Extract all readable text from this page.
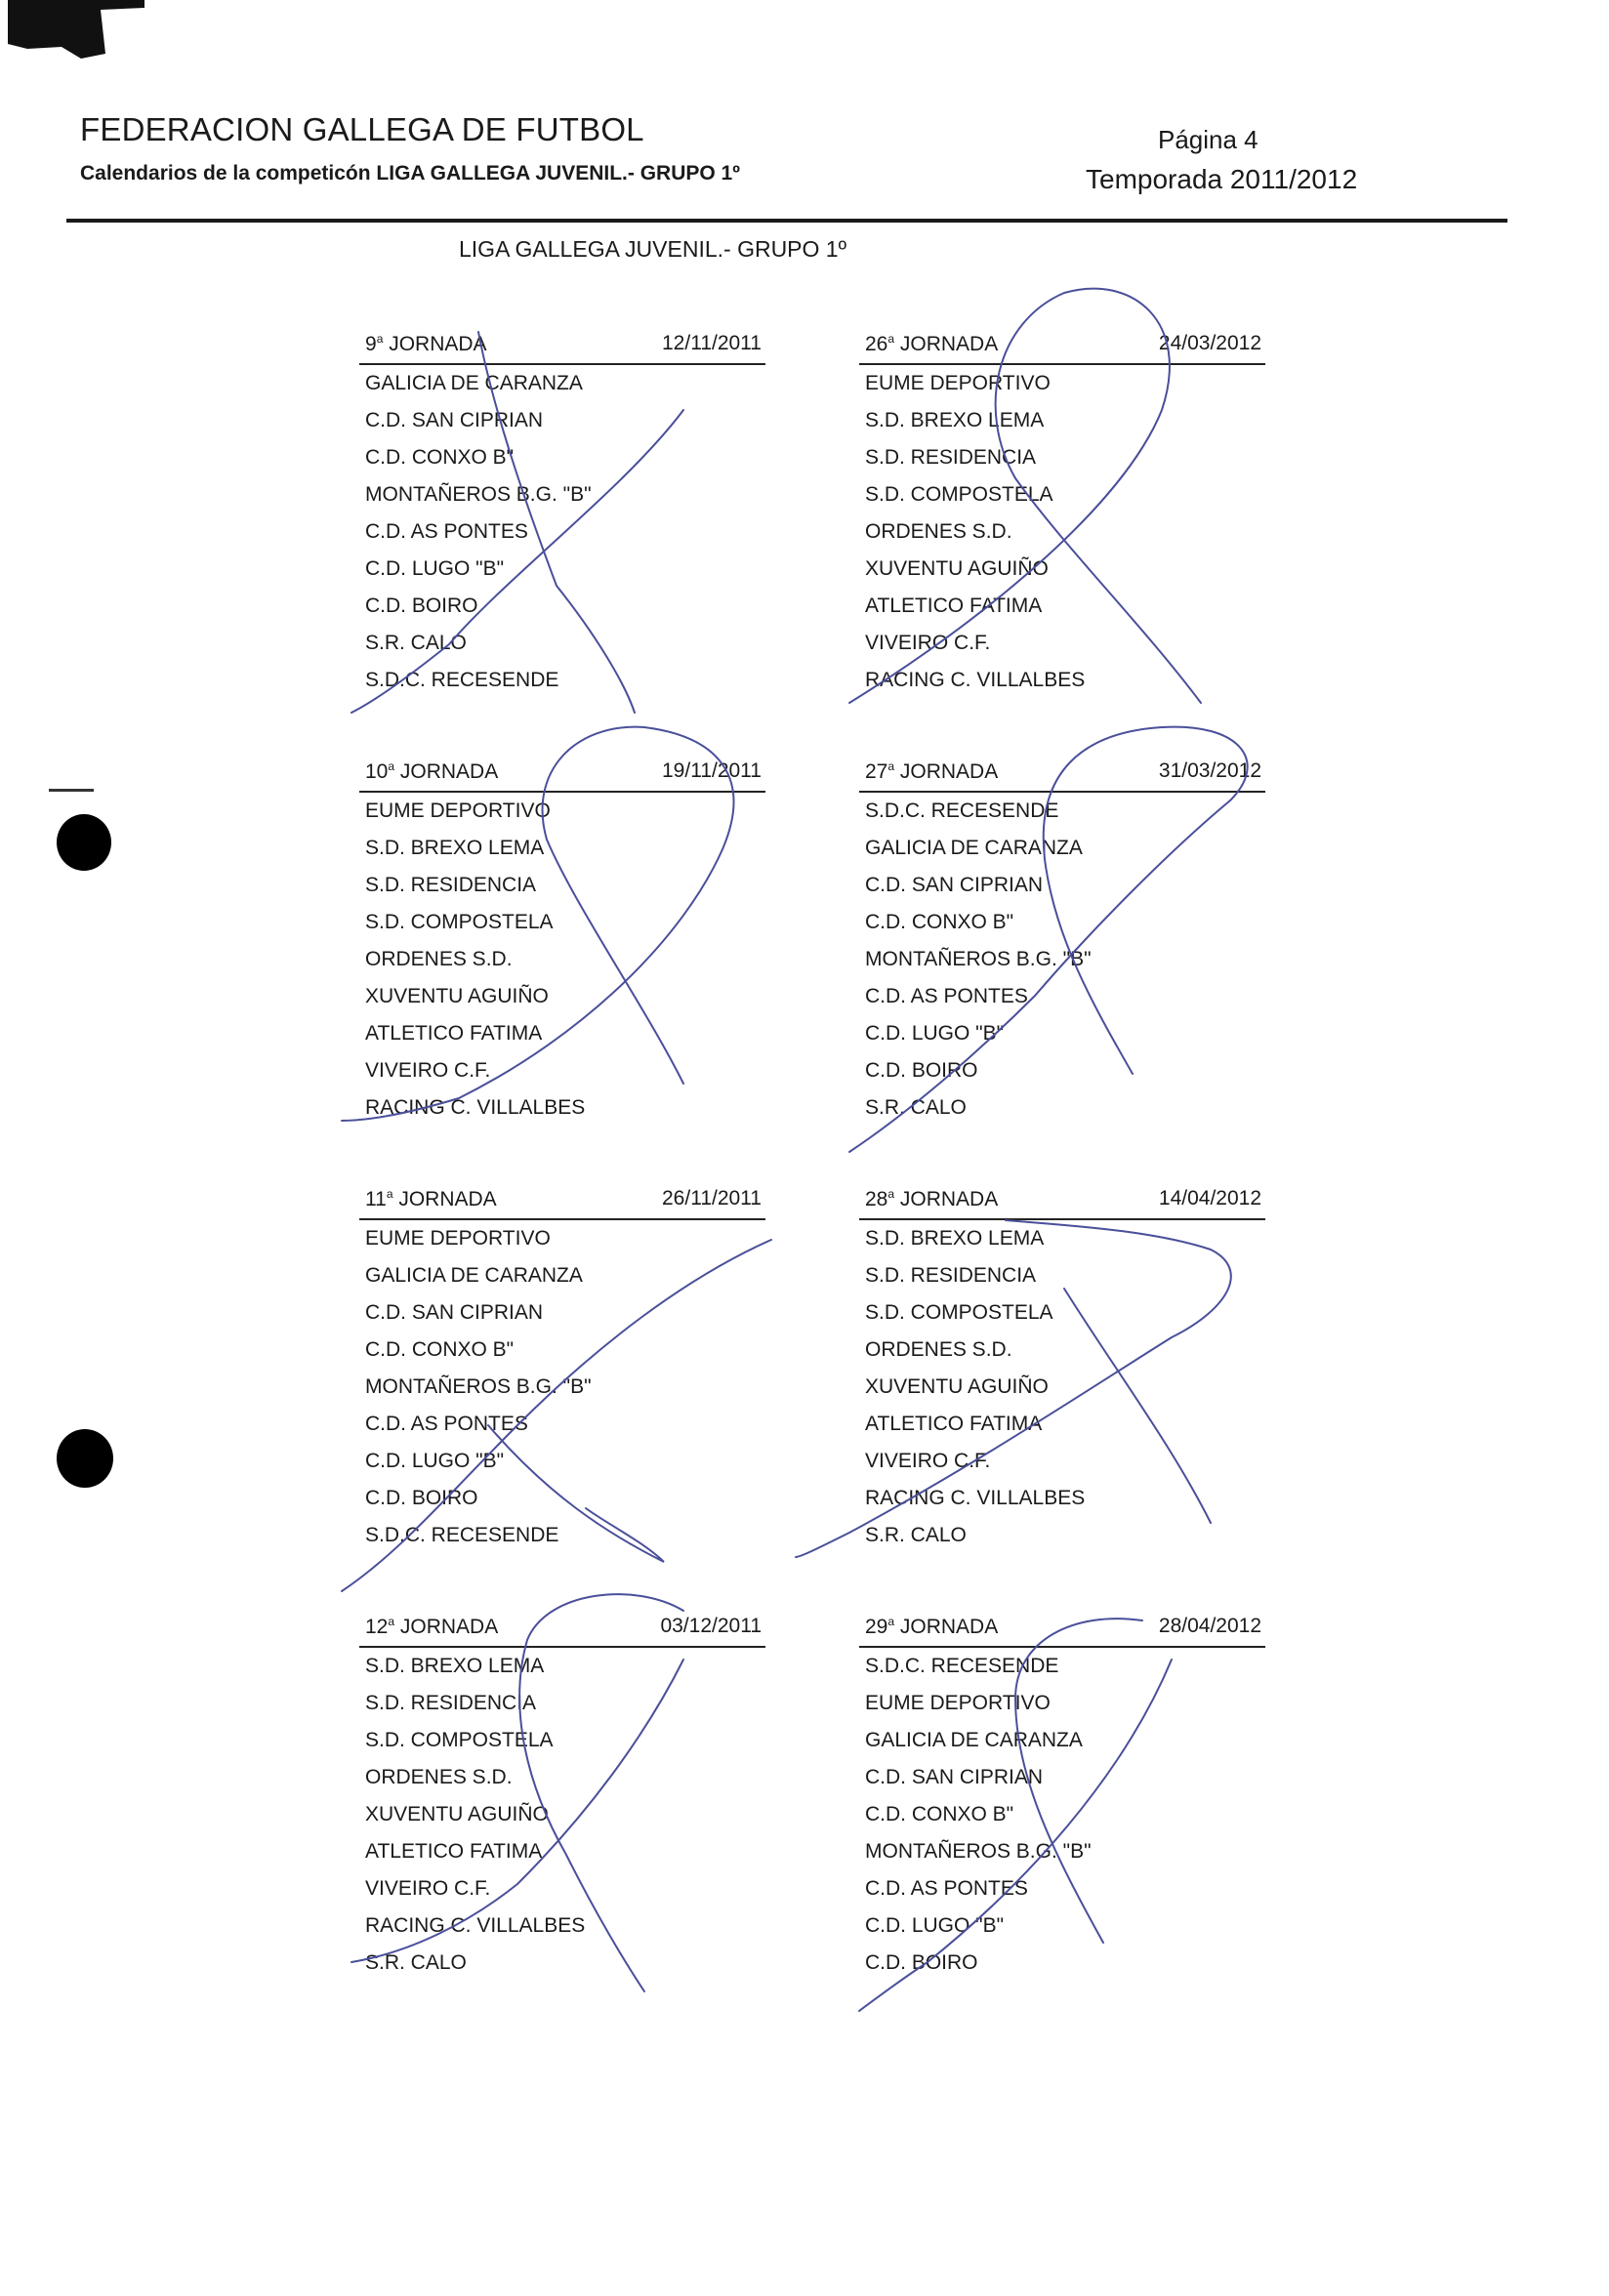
FEDERACION GALLEGA DE FUTBOL
Calendarios de la competicón LIGA GALLEGA JUVENIL.- GRUPO 1º
Página 4
Temporada 2011/2012
LIGA GALLEGA JUVENIL.- GRUPO 1º
9$^a$ JORNADA	12/11/2011
GALICIA DE CARANZA
C.D. SAN CIPRIAN
C.D. CONXO B"
MONTAÑEROS B.G. "B"
C.D. AS PONTES
C.D. LUGO "B"
C.D. BOIRO
S.R. CALO
S.D.C. RECESENDE
26$^a$ JORNADA	24/03/2012
EUME DEPORTIVO
S.D. BREXO LEMA
S.D. RESIDENCIA
S.D. COMPOSTELA
ORDENES S.D.
XUVENTU AGUIÑO
ATLETICO FATIMA
VIVEIRO C.F.
RACING C. VILLALBES
10$^a$ JORNADA	19/11/2011
EUME DEPORTIVO
S.D. BREXO LEMA
S.D. RESIDENCIA
S.D. COMPOSTELA
ORDENES S.D.
XUVENTU AGUIÑO
ATLETICO FATIMA
VIVEIRO C.F.
RACING C. VILLALBES
27$^a$ JORNADA	31/03/2012
S.D.C. RECESENDE
GALICIA DE CARANZA
C.D. SAN CIPRIAN
C.D. CONXO B"
MONTAÑEROS B.G. "B"
C.D. AS PONTES
C.D. LUGO "B"
C.D. BOIRO
S.R. CALO
11$^a$ JORNADA	26/11/2011
EUME DEPORTIVO
GALICIA DE CARANZA
C.D. SAN CIPRIAN
C.D. CONXO B"
MONTAÑEROS B.G. "B"
C.D. AS PONTES
C.D. LUGO "B"
C.D. BOIRO
S.D.C. RECESENDE
28$^a$ JORNADA	14/04/2012
S.D. BREXO LEMA
S.D. RESIDENCIA
S.D. COMPOSTELA
ORDENES S.D.
XUVENTU AGUIÑO
ATLETICO FATIMA
VIVEIRO C.F.
RACING C. VILLALBES
S.R. CALO
12$^a$ JORNADA	03/12/2011
S.D. BREXO LEMA
S.D. RESIDENCIA
S.D. COMPOSTELA
ORDENES S.D.
XUVENTU AGUIÑO
ATLETICO FATIMA
VIVEIRO C.F.
RACING C. VILLALBES
S.R. CALO
29$^a$ JORNADA	28/04/2012
S.D.C. RECESENDE
EUME DEPORTIVO
GALICIA DE CARANZA
C.D. SAN CIPRIAN
C.D. CONXO B"
MONTAÑEROS B.G. "B"
C.D. AS PONTES
C.D. LUGO "B"
C.D. BOIRO
